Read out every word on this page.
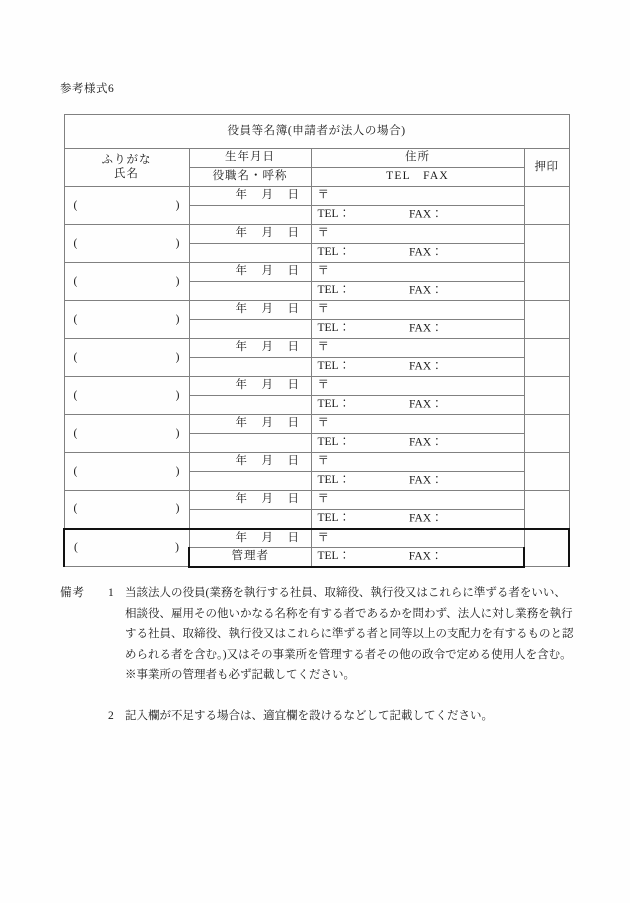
参考様式6
役員等名簿(申請者が法人の場合)			

ふりがな
氏名	生年月日	住所	押印
	役職名・呼称	TEL　FAX	

( )	年 月 日	〒	
		TEL： FAX：	

( )	年 月 日	〒	
		TEL： FAX：	

( )	年 月 日	〒	
		TEL： FAX：	

( )	年 月 日	〒	
		TEL： FAX：	

( )	年 月 日	〒	
		TEL： FAX：	

( )	年 月 日	〒	
		TEL： FAX：	

( )	年 月 日	〒	
		TEL： FAX：	

( )	年 月 日	〒	
		TEL： FAX：	

( )	年 月 日	〒	
		TEL： FAX：	

( )	年 月 日	〒	
	管理者	TEL： FAX：	
備考 1 当該法人の役員(業務を執行する社員、取締役、執行役又はこれらに準ずる者をいい、

相談役、雇用その他いかなる名称を有する者であるかを問わず、法人に対し業務を執行

する社員、取締役、執行役又はこれらに準ずる者と同等以上の支配力を有するものと認

められる者を含む。)又はその事業所を管理する者その他の政令で定める使用人を含む。

※事業所の管理者も必ず記載してください。

2 記入欄が不足する場合は、適宜欄を設けるなどして記載してください。
